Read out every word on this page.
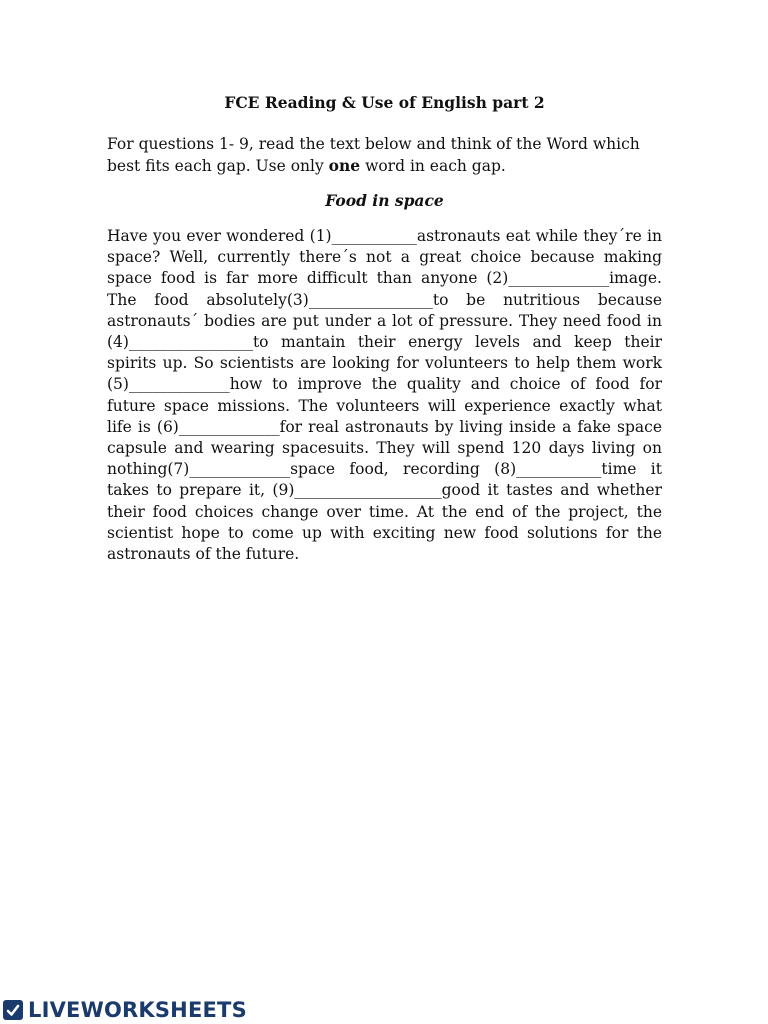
FCE Reading & Use of English part 2

For questions 1- 9, read the text below and think of the Word which best fits each gap. Use only one word in each gap.

Food in space

Have you ever wondered (1)___________astronauts eat while they´re in space? Well, currently there´s not a great choice because making space food is far more difficult than anyone (2)_____________image. The food absolutely(3)________________to be nutritious because astronauts´ bodies are put under a lot of pressure. They need food in (4)________________to mantain their energy levels and keep their spirits up. So scientists are looking for volunteers to help them work (5)_____________how to improve the quality and choice of food for future space missions. The volunteers will experience exactly what life is (6)_____________for real astronauts by living inside a fake space capsule and wearing spacesuits. They will spend 120 days living on nothing(7)_____________space food, recording (8)___________time it takes to prepare it, (9)___________________good it tastes and whether their food choices change over time. At the end of the project, the scientist hope to come up with exciting new food solutions for the astronauts of the future.

LIVEWORKSHEETS
